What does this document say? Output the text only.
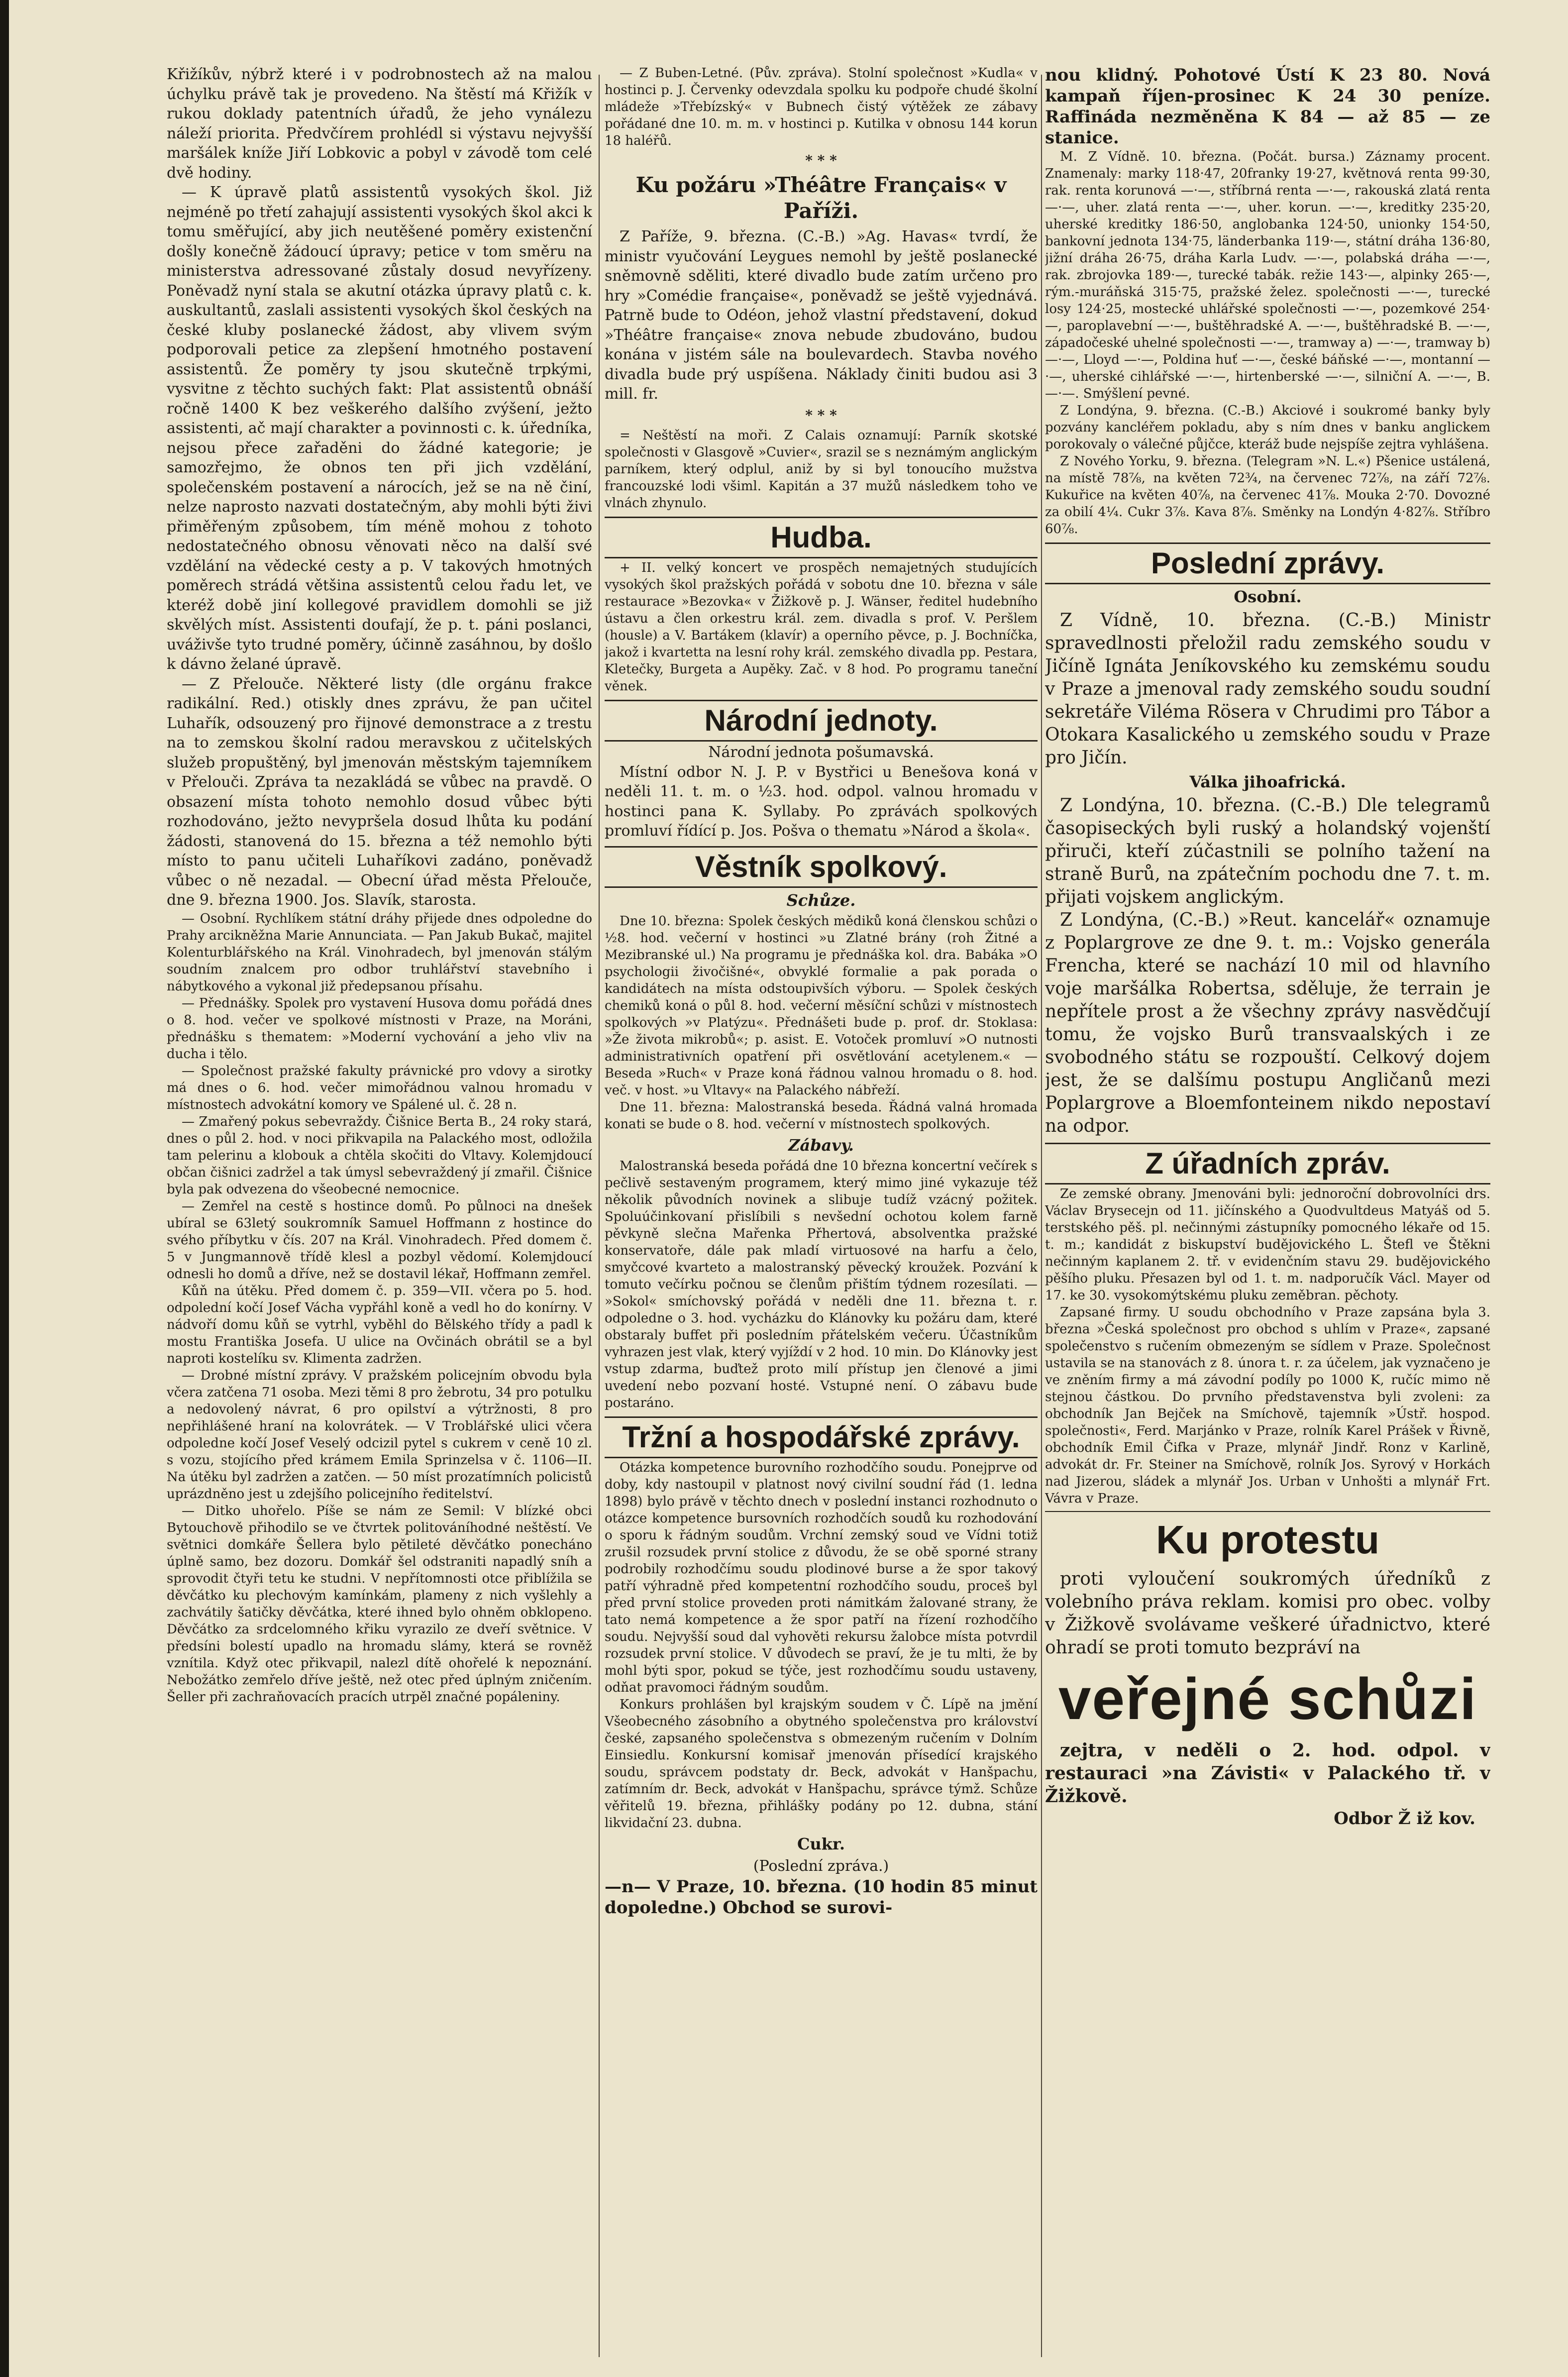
Křižíkův, nýbrž které i v podrobnostech až na malou úchylku právě tak je provedeno. Na štěstí má Křižík v rukou doklady patentních úřadů, že jeho vynálezu náleží priorita. Předvčírem prohlédl si výstavu nejvyšší maršálek kníže Jiří Lobkovic a pobyl v závodě tom celé dvě hodiny.

— K úpravě platů assistentů vysokých škol. Již nejméně po třetí zahajují assistenti vysokých škol akci k tomu směřující, aby jich neutěšené poměry existenční došly konečně žádoucí úpravy; petice v tom směru na ministerstva adressované zůstaly dosud nevyřízeny. Poněvadž nyní stala se akutní otázka úpravy platů c. k. auskultantů, zaslali assistenti vysokých škol českých na české kluby poslanecké žádost, aby vlivem svým podporovali petice za zlepšení hmotného postavení assistentů. Že poměry ty jsou skutečně trpkými, vysvitne z těchto suchých fakt: Plat assistentů obnáší ročně 1400 K bez veškerého dalšího zvýšení, ježto assistenti, ač mají charakter a povinnosti c. k. úředníka, nejsou přece zařaděni do žádné kategorie; je samozřejmo, že obnos ten při jich vzdělání, společenském postavení a nárocích, jež se na ně činí, nelze naprosto nazvati dostatečným, aby mohli býti živi přiměřeným způsobem, tím méně mohou z tohoto nedostatečného obnosu věnovati něco na další své vzdělání na vědecké cesty a p. V takových hmotných poměrech strádá většina assistentů celou řadu let, ve kteréž době jiní kollegové pravidlem domohli se již skvělých míst. Assistenti doufají, že p. t. páni poslanci, uváživše tyto trudné poměry, účinně zasáhnou, by došlo k dávno želané úpravě.

— Z Přelouče. Některé listy (dle orgánu frakce radikální. Red.) otiskly dnes zprávu, že pan učitel Luhařík, odsouzený pro řijnové demonstrace a z trestu na to zemskou školní radou meravskou z učitelských služeb propuštěný, byl jmenován městským tajemníkem v Přelouči. Zpráva ta nezakládá se vůbec na pravdě. O obsazení místa tohoto nemohlo dosud vůbec býti rozhodováno, ježto nevypršela dosud lhůta ku podání žádosti, stanovená do 15. března a též nemohlo býti místo to panu učiteli Luhaříkovi zadáno, poněvadž vůbec o ně nezadal. — Obecní úřad města Přelouče, dne 9. března 1900. Jos. Slavík, starosta.

— Osobní. Rychlíkem státní dráhy přijede dnes odpoledne do Prahy arcikněžna Marie Annunciata. — Pan Jakub Bukač, majitel Kolenturblářského na Král. Vinohradech, byl jmenován stálým soudním znalcem pro odbor truhlářství stavebního i nábytkového a vykonal již předepsanou přísahu.

— Přednášky. Spolek pro vystavení Husova domu pořádá dnes o 8. hod. večer ve spolkové místnosti v Praze, na Moráni, přednášku s thematem: »Moderní vychování a jeho vliv na ducha i tělo.

— Společnost pražské fakulty právnické pro vdovy a sirotky má dnes o 6. hod. večer mimořádnou valnou hromadu v místnostech advokátní komory ve Spálené ul. č. 28 n.

— Zmařený pokus sebevraždy. Čišnice Berta B., 24 roky stará, dnes o půl 2. hod. v noci přikvapila na Palackého most, odložila tam pelerinu a klobouk a chtěla skočiti do Vltavy. Kolemjdoucí občan čišnici zadržel a tak úmysl sebevraždený jí zmařil. Čišnice byla pak odvezena do všeobecné nemocnice.

— Zemřel na cestě s hostince domů. Po půlnoci na dnešek ubíral se 63letý soukromník Samuel Hoffmann z hostince do svého příbytku v čís. 207 na Král. Vinohradech. Před domem č. 5 v Jungmannově třídě klesl a pozbyl vědomí. Kolemjdoucí odnesli ho domů a dříve, než se dostavil lékař, Hoffmann zemřel.

Kůň na útěku. Před domem č. p. 359—VII. včera po 5. hod. odpolední kočí Josef Vácha vypřáhl koně a vedl ho do konírny. V nádvoří domu kůň se vytrhl, vyběhl do Bělského třídy a padl k mostu Františka Josefa. U ulice na Ovčinách obrátil se a byl naproti kostelíku sv. Klimenta zadržen.

— Drobné místní zprávy. V pražském policejním obvodu byla včera zatčena 71 osoba. Mezi těmi 8 pro žebrotu, 34 pro potulku a nedovolený návrat, 6 pro opilství a výtržnosti, 8 pro nepřihlášené hraní na kolovrátek. — V Troblářské ulici včera odpoledne kočí Josef Veselý odcizil pytel s cukrem v ceně 10 zl. s vozu, stojícího před krámem Emila Sprinzelsa v č. 1106—II. Na útěku byl zadržen a zatčen. — 50 míst prozatímních policistů uprázdněno jest u zdejšího policejního ředitelství.

— Ditko uhořelo. Píše se nám ze Semil: V blízké obci Bytouchově přihodilo se ve čtvrtek politováníhodné neštěstí. Ve světnici domkáře Šellera bylo pětileté děvčátko ponecháno úplně samo, bez dozoru. Domkář šel odstraniti napadlý sníh a sprovodit čtyři tetu ke studni. V nepřítomnosti otce přiblížila se děvčátko ku plechovým kamínkám, plameny z nich vyšlehly a zachvátily šatičky děvčátka, které ihned bylo ohněm obklopeno. Děvčátko za srdcelomného křiku vyrazilo ze dveří světnice. V předsíni bolestí upadlo na hromadu slámy, která se rovněž vznítila. Když otec přikvapil, nalezl dítě ohořelé k nepoznání. Nebožátko zemřelo dříve ještě, než otec před úplným zničením. Šeller při zachraňovacích pracích utrpěl značné popáleniny.

— Z Buben-Letné. (Pův. zpráva). Stolní společnost »Kudla« v hostinci p. J. Červenky odevzdala spolku ku podpoře chudé školní mládeže »Třebízský« v Bubnech čistý výtěžek ze zábavy pořádané dne 10. m. m. v hostinci p. Kutilka v obnosu 144 korun 18 haléřů.

* * *
Ku požáru »Théâtre Français« v Paříži.

Z Paříže, 9. března. (C.-B.) »Ag. Havas« tvrdí, že ministr vyučování Leygues nemohl by ještě poslanecké sněmovně sděliti, které divadlo bude zatím určeno pro hry »Comédie française«, poněvadž se ještě vyjednává. Patrně bude to Odéon, jehož vlastní představení, dokud »Théâtre française« znova nebude zbudováno, budou konána v jistém sále na boulevardech. Stavba nového divadla bude prý uspíšena. Náklady činiti budou asi 3 mill. fr.

* * *

= Neštěstí na moři. Z Calais oznamují: Parník skotské společnosti v Glasgově »Cuvier«, srazil se s neznámým anglickým parníkem, který odplul, aniž by si byl tonoucího mužstva francouzské lodi všiml. Kapitán a 37 mužů následkem toho ve vlnách zhynulo.

Hudba.

+ II. velký koncert ve prospěch nemajetných studujících vysokých škol pražských pořádá v sobotu dne 10. března v sále restaurace »Bezovka« v Žižkově p. J. Wänser, ředitel hudebního ústavu a člen orkestru král. zem. divadla s prof. V. Peršlem (housle) a V. Bartákem (klavír) a operního pěvce, p. J. Bochníčka, jakož i kvartetta na lesní rohy král. zemského divadla pp. Pestara, Kletečky, Burgeta a Aupěky. Zač. v 8 hod. Po programu taneční věnek.

Národní jednoty.
Národní jednota pošumavská.

Místní odbor N. J. P. v Bystřici u Benešova koná v neděli 11. t. m. o ½3. hod. odpol. valnou hromadu v hostinci pana K. Syllaby. Po zprávách spolkových promluví řídící p. Jos. Pošva o thematu »Národ a škola«.

Věstník spolkový.
Schůze.

Dne 10. března: Spolek českých mědiků koná členskou schůzi o ½8. hod. večerní v hostinci »u Zlatné brány (roh Žitné a Mezibranské ul.) Na programu je přednáška kol. dra. Babáka »O psychologii živočišné«, obvyklé formalie a pak porada o kandidátech na místa odstoupivších výboru. — Spolek českých chemiků koná o půl 8. hod. večerní měsíční schůzi v místnostech spolkových »v Platýzu«. Přednášeti bude p. prof. dr. Stoklasa: »Že života mikrobů«; p. asist. E. Votoček promluví »O nutnosti administrativních opatření při osvětlování acetylenem.« — Beseda »Ruch« v Praze koná řádnou valnou hromadu o 8. hod. več. v host. »u Vltavy« na Palackého nábřeží.

Dne 11. března: Malostranská beseda. Řádná valná hromada konati se bude o 8. hod. večerní v místnostech spolkových.

Zábavy.

Malostranská beseda pořádá dne 10 března koncertní večírek s pečlivě sestaveným programem, který mimo jiné vykazuje též několik původních novinek a slibuje tudíž vzácný požitek. Spoluúčinkovaní přislíbili s nevšední ochotou kolem farně pěvkyně slečna Mařenka Přhertová, absolventka pražské konservatoře, dále pak mladí virtuosové na harfu a čelo, smyčcové kvarteto a malostranský pěvecký kroužek. Pozvání k tomuto večírku počnou se členům přištím týdnem rozesílati. — »Sokol« smíchovský pořádá v neděli dne 11. března t. r. odpoledne o 3. hod. vycházku do Klánovky ku požáru dam, které obstaraly buffet při posledním přátelském večeru. Účastníkům vyhrazen jest vlak, který vyjíždí v 2 hod. 10 min. Do Klánovky jest vstup zdarma, buďtež proto milí přístup jen členové a jimi uvedení nebo pozvaní hosté. Vstupné není. O zábavu bude postaráno.

Tržní a hospodářské zprávy.

Otázka kompetence burovního rozhodčího soudu. Ponejprve od doby, kdy nastoupil v platnost nový civilní soudní řád (1. ledna 1898) bylo právě v těchto dnech v poslední instanci rozhodnuto o otázce kompetence bursovních rozhodčích soudů ku rozhodování o sporu k řádným soudům. Vrchní zemský soud ve Vídni totiž zrušil rozsudek první stolice z důvodu, že se obě sporné strany podrobily rozhodčímu soudu plodinové burse a že spor takový patří výhradně před kompetentní rozhodčího soudu, proceš byl před první stolice proveden proti námitkám žalované strany, že tato nemá kompetence a že spor patří na řízení rozhodčího soudu. Nejvyšší soud dal vyhověti rekursu žalobce místa potvrdil rozsudek první stolice. V důvodech se praví, že je tu mlti, že by mohl býti spor, pokud se týče, jest rozhodčímu soudu ustaveny, odňat pravomoci řádným soudům.

Konkurs prohlášen byl krajským soudem v Č. Lípě na jmění Všeobecného zásobního a obytného společenstva pro království české, zapsaného společenstva s obmezeným ručením v Dolním Einsiedlu. Konkursní komisař jmenován přísedící krajského soudu, správcem podstaty dr. Beck, advokát v Hanšpachu, zatímním dr. Beck, advokát v Hanšpachu, správce týmž. Schůze věřitelů 19. března, přihlášky podány po 12. dubna, stání likvidační 23. dubna.

Cukr.
(Poslední zpráva.)

—n— V Praze, 10. března. (10 hodin 85 minut dopoledne.) Obchod se surovi-

nou klidný. Pohotové Ústí K 23 80. Nová kampaň říjen-prosinec K 24 30 peníze. Raffináda nezměněna K 84 — až 85 — ze stanice.

M. Z Vídně. 10. března. (Počát. bursa.) Záznamy procent. Znamenaly: marky 118·47, 20franky 19·27, květnová renta 99·30, rak. renta korunová —·—, stříbrná renta —·—, rakouská zlatá renta —·—, uher. zlatá renta —·—, uher. korun. —·—, kreditky 235·20, uherské kreditky 186·50, anglobanka 124·50, unionky 154·50, bankovní jednota 134·75, länderbanka 119·—, státní dráha 136·80, jižní dráha 26·75, dráha Karla Ludv. —·—, polabská dráha —·—, rak. zbrojovka 189·—, turecké tabák. režie 143·—, alpinky 265·—, rým.-muráňská 315·75, pražské želez. společnosti —·—, turecké losy 124·25, mostecké uhlářské společnosti —·—, pozemkové 254·—, paroplavební —·—, buštěhradské A. —·—, buštěhradské B. —·—, západočeské uhelné společnosti —·—, tramway a) —·—, tramway b) —·—, Lloyd —·—, Poldina huť —·—, české báňské —·—, montanní —·—, uherské cihlářské —·—, hirtenberské —·—, silniční A. —·—, B. —·—. Smýšlení pevné.

Z Londýna, 9. března. (C.-B.) Akciové i soukromé banky byly pozvány kancléřem pokladu, aby s ním dnes v banku anglickem porokovaly o válečné půjčce, kteráž bude nejspíše zejtra vyhlášena.

Z Nového Yorku, 9. března. (Telegram »N. L.«) Pšenice ustálená, na místě 78⅞, na květen 72¾, na červenec 72⅞, na září 72⅞. Kukuřice na květen 40⅞, na červenec 41⅞. Mouka 2·70. Dovozné za obilí 4¼. Cukr 3⅞. Kava 8⅞. Směnky na Londýn 4·82⅞. Stříbro 60⅞.

Poslední zprávy.
Osobní.

Z Vídně, 10. března. (C.-B.) Ministr spravedlnosti přeložil radu zemského soudu v Jičíně Ignáta Jeníkovského ku zemskému soudu v Praze a jmenoval rady zemského soudu soudní sekretáře Viléma Rösera v Chrudimi pro Tábor a Otokara Kasalického u zemského soudu v Praze pro Jičín.

Válka jihoafrická.

Z Londýna, 10. března. (C.-B.) Dle telegramů časopiseckých byli ruský a holandský vojenští přiruči, kteří zúčastnili se polního tažení na straně Burů, na zpátečním pochodu dne 7. t. m. přijati vojskem anglickým.

Z Londýna, (C.-B.) »Reut. kancelář« oznamuje z Poplargrove ze dne 9. t. m.: Vojsko generála Frencha, které se nachází 10 mil od hlavního voje maršálka Robertsa, sděluje, že terrain je nepřítele prost a že všechny zprávy nasvědčují tomu, že vojsko Burů transvaalských i ze svobodného státu se rozpouští. Celkový dojem jest, že se dalšímu postupu Angličanů mezi Poplargrove a Bloemfonteinem nikdo nepostaví na odpor.

Z úřadních zpráv.

Ze zemské obrany. Jmenováni byli: jednoroční dobrovolníci drs. Václav Brysecejn od 11. jičínského a Quodvultdeus Matyáš od 5. terstského pěš. pl. nečinnými zástupníky pomocného lékaře od 15. t. m.; kandidát z biskupství budějovického L. Štefl ve Štěkni nečinným kaplanem 2. tř. v evidenčním stavu 29. budějovického pěšího pluku. Přesazen byl od 1. t. m. nadporučík Václ. Mayer od 17. ke 30. vysokomýtskému pluku zeměbran. pěchoty.

Zapsané firmy. U soudu obchodního v Praze zapsána byla 3. března »Česká společnost pro obchod s uhlím v Praze«, zapsané společenstvo s ručením obmezeným se sídlem v Praze. Společnost ustavila se na stanovách z 8. února t. r. za účelem, jak vyznačeno je ve zněním firmy a má závodní podíly po 1000 K, ručíc mimo ně stejnou částkou. Do prvního představenstva byli zvoleni: za obchodník Jan Bejček na Smíchově, tajemník »Ústř. hospod. společnosti«, Ferd. Marjánko v Praze, rolník Karel Prášek v Řivně, obchodník Emil Čifka v Praze, mlynář Jindř. Ronz v Karlině, advokát dr. Fr. Steiner na Smíchově, rolník Jos. Syrový v Horkách nad Jizerou, sládek a mlynář Jos. Urban v Unhošti a mlynář Frt. Vávra v Praze.

Ku protestu

proti vyloučení soukromých úředníků z volebního práva reklam. komisi pro obec. volby v Žižkově svolávame veškeré úřadnictvo, které ohradí se proti tomuto bezpráví na

veřejné schůzi

zejtra, v neděli o 2. hod. odpol. v restauraci »na Závisti« v Palackého tř. v Žižkově.

Odbor Ž iž kov.
